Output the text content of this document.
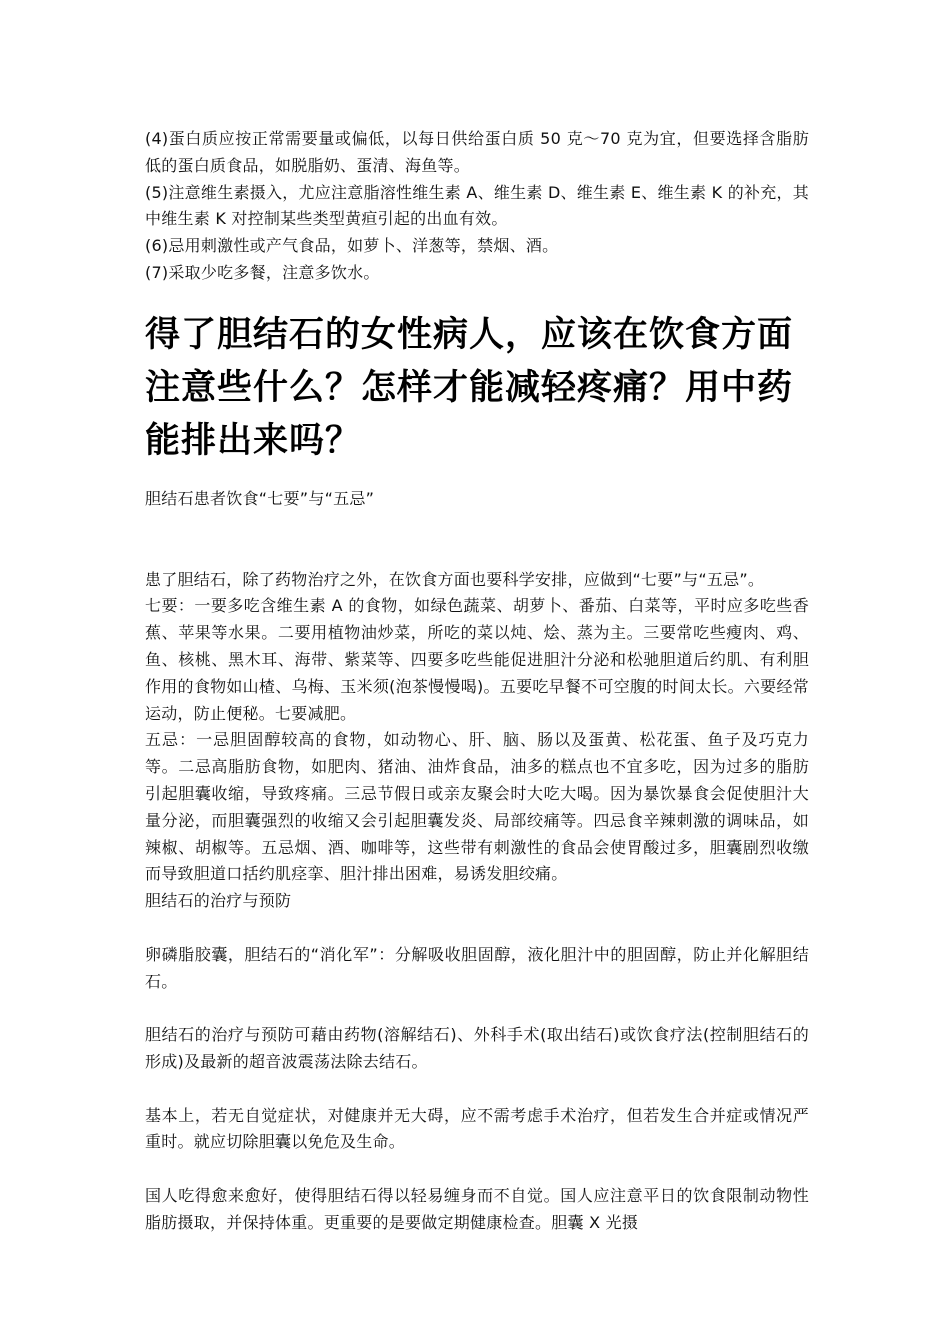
(4)蛋白质应按正常需要量或偏低，以每日供给蛋白质 50 克～70 克为宜，但要选择含脂肪低的蛋白质食品，如脱脂奶、蛋清、海鱼等。

(5)注意维生素摄入，尤应注意脂溶性维生素 A、维生素 D、维生素 E、维生素 K 的补充，其中维生素 K 对控制某些类型黄疸引起的出血有效。

(6)忌用刺激性或产气食品，如萝卜、洋葱等，禁烟、酒。

(7)采取少吃多餐，注意多饮水。

得了胆结石的女性病人，应该在饮食方面注意些什么？怎样才能减轻疼痛？用中药能排出来吗？

胆结石患者饮食“七要”与“五忌”

患了胆结石，除了药物治疗之外，在饮食方面也要科学安排，应做到“七要”与“五忌”。

七要：一要多吃含维生素 A 的食物，如绿色蔬菜、胡萝卜、番茄、白菜等，平时应多吃些香蕉、苹果等水果。二要用植物油炒菜，所吃的菜以炖、烩、蒸为主。三要常吃些瘦肉、鸡、鱼、核桃、黑木耳、海带、紫菜等、四要多吃些能促进胆汁分泌和松驰胆道后约肌、有利胆作用的食物如山楂、乌梅、玉米须(泡茶慢慢喝)。五要吃早餐不可空腹的时间太长。六要经常运动，防止便秘。七要减肥。

五忌：一忌胆固醇较高的食物，如动物心、肝、脑、肠以及蛋黄、松花蛋、鱼子及巧克力等。二忌高脂肪食物，如肥肉、猪油、油炸食品，油多的糕点也不宜多吃，因为过多的脂肪引起胆囊收缩，导致疼痛。三忌节假日或亲友聚会时大吃大喝。因为暴饮暴食会促使胆汁大量分泌，而胆囊强烈的收缩又会引起胆囊发炎、局部绞痛等。四忌食辛辣刺激的调味品，如辣椒、胡椒等。五忌烟、酒、咖啡等，这些带有刺激性的食品会使胃酸过多，胆囊剧烈收缴而导致胆道口括约肌痉挛、胆汁排出困难，易诱发胆绞痛。

胆结石的治疗与预防

卵磷脂胶囊，胆结石的“消化军”：分解吸收胆固醇，液化胆汁中的胆固醇，防止并化解胆结石。

胆结石的治疗与预防可藉由药物(溶解结石)、外科手术(取出结石)或饮食疗法(控制胆结石的形成)及最新的超音波震荡法除去结石。

基本上，若无自觉症状，对健康并无大碍，应不需考虑手术治疗，但若发生合并症或情况严重时。就应切除胆囊以免危及生命。

国人吃得愈来愈好，使得胆结石得以轻易缠身而不自觉。国人应注意平日的饮食限制动物性脂肪摄取，并保持体重。更重要的是要做定期健康检查。胆囊 X 光摄
